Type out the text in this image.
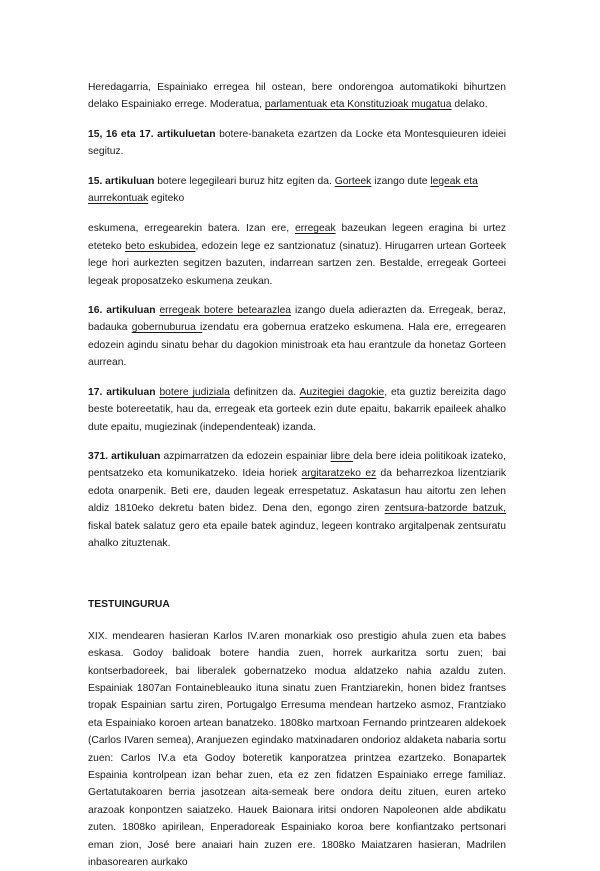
Heredagarria, Espainiako erregea hil ostean, bere ondorengoa automatikoki bihurtzen delako Espainiako errege. Moderatua, parlamentuak eta Konstituzioak mugatua delako.

15, 16 eta 17. artikuluetan botere-banaketa ezartzen da Locke eta Montesquieuren ideiei segituz.

15. artikuluan botere legegileari buruz hitz egiten da. Gorteek izango dute legeak eta aurrekontuak egiteko

eskumena, erregearekin batera. Izan ere, erregeak bazeukan legeen eragina bi urtez eteteko beto eskubidea, edozein lege ez santzionatuz (sinatuz). Hirugarren urtean Gorteek lege hori aurkezten segitzen bazuten, indarrean sartzen zen. Bestalde, erregeak Gorteei legeak proposatzeko eskumena zeukan.

16. artikuluan erregeak botere betearazlea izango duela adierazten da. Erregeak, beraz, badauka gobernuburua izendatu era gobernua eratzeko eskumena. Hala ere, erregearen edozein agindu sinatu behar du dagokion ministroak eta hau erantzule da honetaz Gorteen aurrean.

17. artikuluan botere judiziala definitzen da. Auzitegiei dagokie, eta guztiz bereizita dago beste botereetatik, hau da, erregeak eta gorteek ezin dute epaitu, bakarrik epaileek ahalko dute epaitu, mugiezinak (independenteak) izanda.

371. artikuluan azpimarratzen da edozein espainiar libre dela bere ideia politikoak izateko, pentsatzeko eta komunikatzeko. Ideia horiek argitaratzeko ez da beharrezkoa lizentziarik edota onarpenik. Beti ere, dauden legeak errespetatuz. Askatasun hau aitortu zen lehen aldiz 1810eko dekretu baten bidez. Dena den, egongo ziren zentsura-batzorde batzuk, fiskal batek salatuz gero eta epaile batek aginduz, legeen kontrako argitalpenak zentsuratu ahalko zituztenak.

TESTUINGURUA

XIX. mendearen hasieran Karlos IV.aren monarkiak oso prestigio ahula zuen eta babes eskasa. Godoy balidoak botere handia zuen, horrek aurkaritza sortu zuen; bai kontserbadoreek, bai liberalek gobernatzeko modua aldatzeko nahia azaldu zuten. Espainiak 1807an Fontainebleauko ituna sinatu zuen Frantziarekin, honen bidez frantses tropak Espainian sartu ziren, Portugalgo Erresuma mendean hartzeko asmoz, Frantziako eta Espainiako koroen artean banatzeko. 1808ko martxoan Fernando printzearen aldekoek (Carlos IVaren semea), Aranjuezen egindako matxinadaren ondorioz aldaketa nabaria sortu zuen: Carlos IV.a eta Godoy boteretik kanporatzea printzea ezartzeko. Bonapartek Espainia kontrolpean izan behar zuen, eta ez zen fidatzen Espainiako errege familiaz. Gertatutakoaren berria jasotzean aita-semeak bere ondora deitu zituen, euren arteko arazoak konpontzen saiatzeko. Hauek Baionara iritsi ondoren Napoleonen alde abdikatu zuten. 1808ko apirilean, Enperadoreak Espainiako koroa bere konfiantzako pertsonari eman zion, José bere anaiari hain zuzen ere. 1808ko Maiatzaren hasieran, Madrilen inbasorearen aurkako
